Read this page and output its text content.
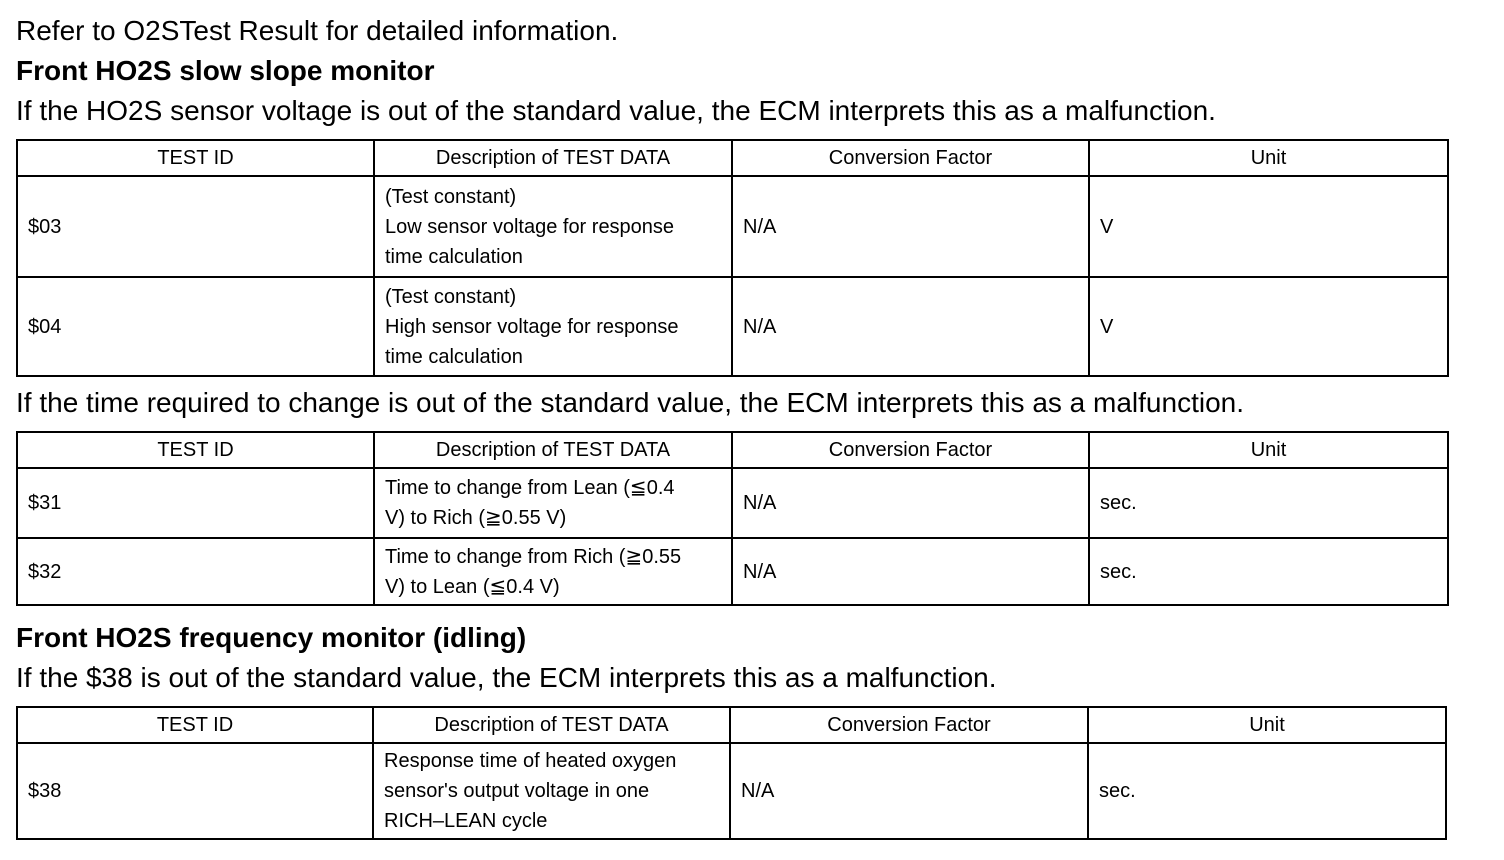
Refer to O2STest Result for detailed information.
Front HO2S slow slope monitor
If the HO2S sensor voltage is out of the standard value, the ECM interprets this as a malfunction.
TEST ID	Description of TEST DATA	Conversion Factor	Unit
$03	(Test constant)
Low sensor voltage for response
time calculation	N/A	V
$04	(Test constant)
High sensor voltage for response
time calculation	N/A	V
If the time required to change is out of the standard value, the ECM interprets this as a malfunction.
TEST ID	Description of TEST DATA	Conversion Factor	Unit
$31	Time to change from Lean (≦0.4
V) to Rich (≧0.55 V)	N/A	sec.
$32	Time to change from Rich (≧0.55
V) to Lean (≦0.4 V)	N/A	sec.
Front HO2S frequency monitor (idling)
If the $38 is out of the standard value, the ECM interprets this as a malfunction.
TEST ID	Description of TEST DATA	Conversion Factor	Unit
$38	Response time of heated oxygen
sensor's output voltage in one
RICH–LEAN cycle	N/A	sec.
